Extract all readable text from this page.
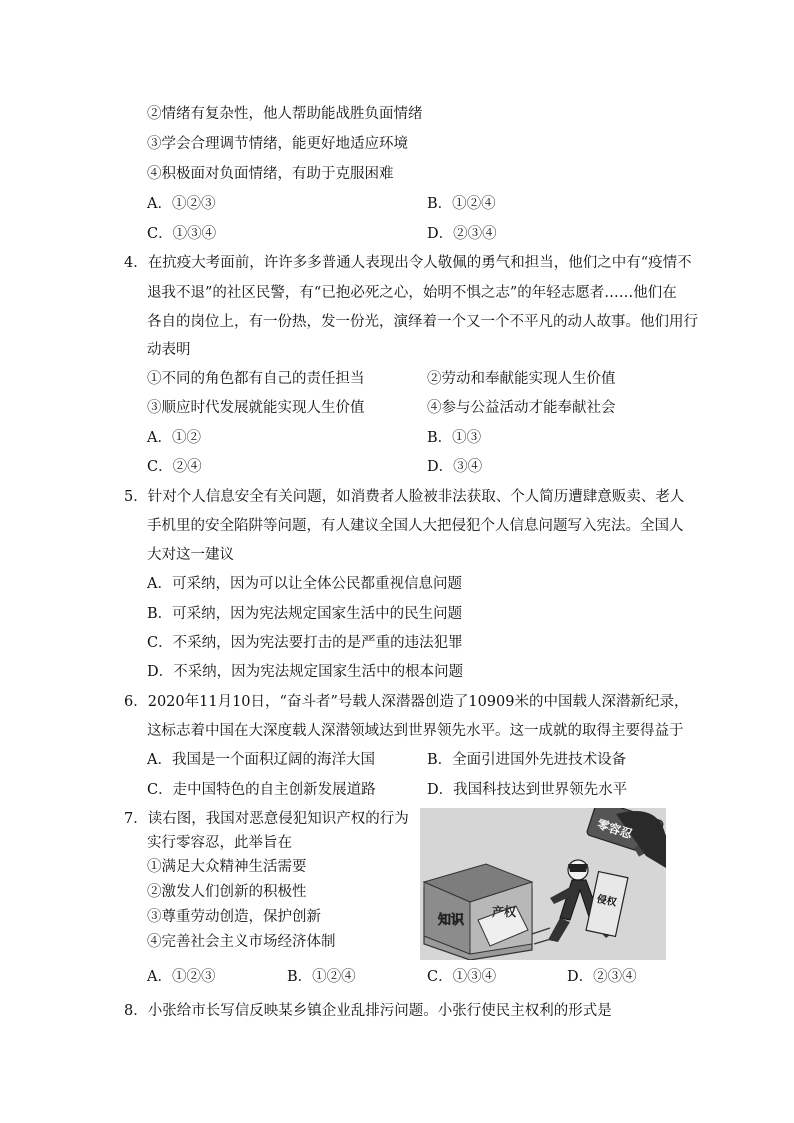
②情绪有复杂性，他人帮助能战胜负面情绪
③学会合理调节情绪，能更好地适应环境
④积极面对负面情绪，有助于克服困难
A．①②③	B．①②④
C．①③④	D．②③④
4．在抗疫大考面前，许许多多普通人表现出令人敬佩的勇气和担当，他们之中有“疫情不
退我不退”的社区民警，有“已抱必死之心，始明不惧之志”的年轻志愿者……他们在
各自的岗位上，有一份热，发一份光，演绎着一个又一个不平凡的动人故事。他们用行
动表明
①不同的角色都有自己的责任担当	②劳动和奉献能实现人生价值
③顺应时代发展就能实现人生价值	④参与公益活动才能奉献社会
A．①②	B．①③
C．②④	D．③④
5．针对个人信息安全有关问题，如消费者人脸被非法获取、个人简历遭肆意贩卖、老人
手机里的安全陷阱等问题，有人建议全国人大把侵犯个人信息问题写入宪法。全国人
大对这一建议
A．可采纳，因为可以让全体公民都重视信息问题
B．可采纳，因为宪法规定国家生活中的民生问题
C．不采纳，因为宪法要打击的是严重的违法犯罪
D．不采纳，因为宪法规定国家生活中的根本问题
6．2020年11月10日，“奋斗者”号载人深潜器创造了10909米的中国载人深潜新纪录，
这标志着中国在大深度载人深潜领域达到世界领先水平。这一成就的取得主要得益于
A．我国是一个面积辽阔的海洋大国	B．全面引进国外先进技术设备
C．走中国特色的自主创新发展道路	D．我国科技达到世界领先水平
7．读右图，我国对恶意侵犯知识产权的行为
实行零容忍，此举旨在
①满足大众精神生活需要
②激发人们创新的积极性
③尊重劳动创造，保护创新
④完善社会主义市场经济体制
A．①②③	B．①②④	C．①③④	D．②③④
知识
产权
零容忍
侵权
8．小张给市长写信反映某乡镇企业乱排污问题。小张行使民主权利的形式是
